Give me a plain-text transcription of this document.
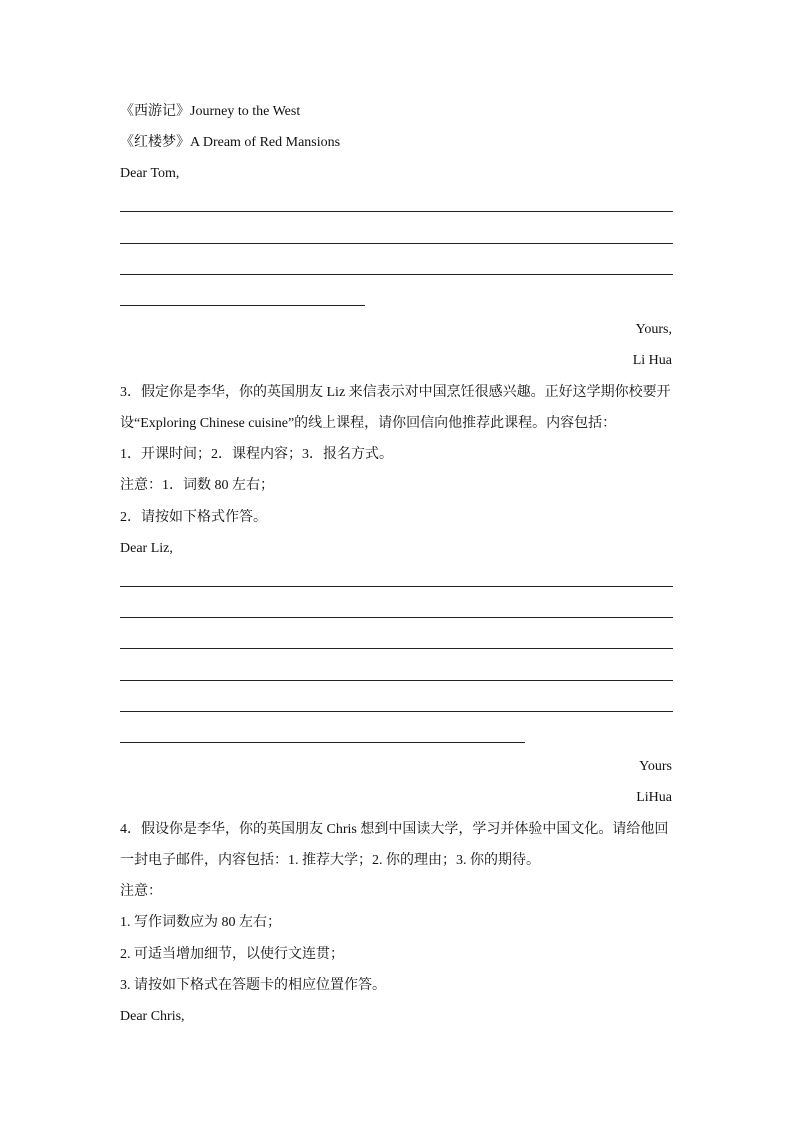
《西游记》Journey to the West
《红楼梦》A Dream of Red Mansions
Dear Tom,
Yours,
Li Hua
3．假定你是李华，你的英国朋友 Liz 来信表示对中国烹饪很感兴趣。正好这学期你校要开
设“Exploring Chinese cuisine”的线上课程，请你回信向他推荐此课程。内容包括：
1．开课时间；2．课程内容；3．报名方式。
注意：1．词数 80 左右；
2．请按如下格式作答。
Dear Liz,
Yours
LiHua
4．假设你是李华，你的英国朋友 Chris 想到中国读大学，学习并体验中国文化。请给他回
一封电子邮件，内容包括：1. 推荐大学；2. 你的理由；3. 你的期待。
注意：
1. 写作词数应为 80 左右；
2. 可适当增加细节，以使行文连贯；
3. 请按如下格式在答题卡的相应位置作答。
Dear Chris,
